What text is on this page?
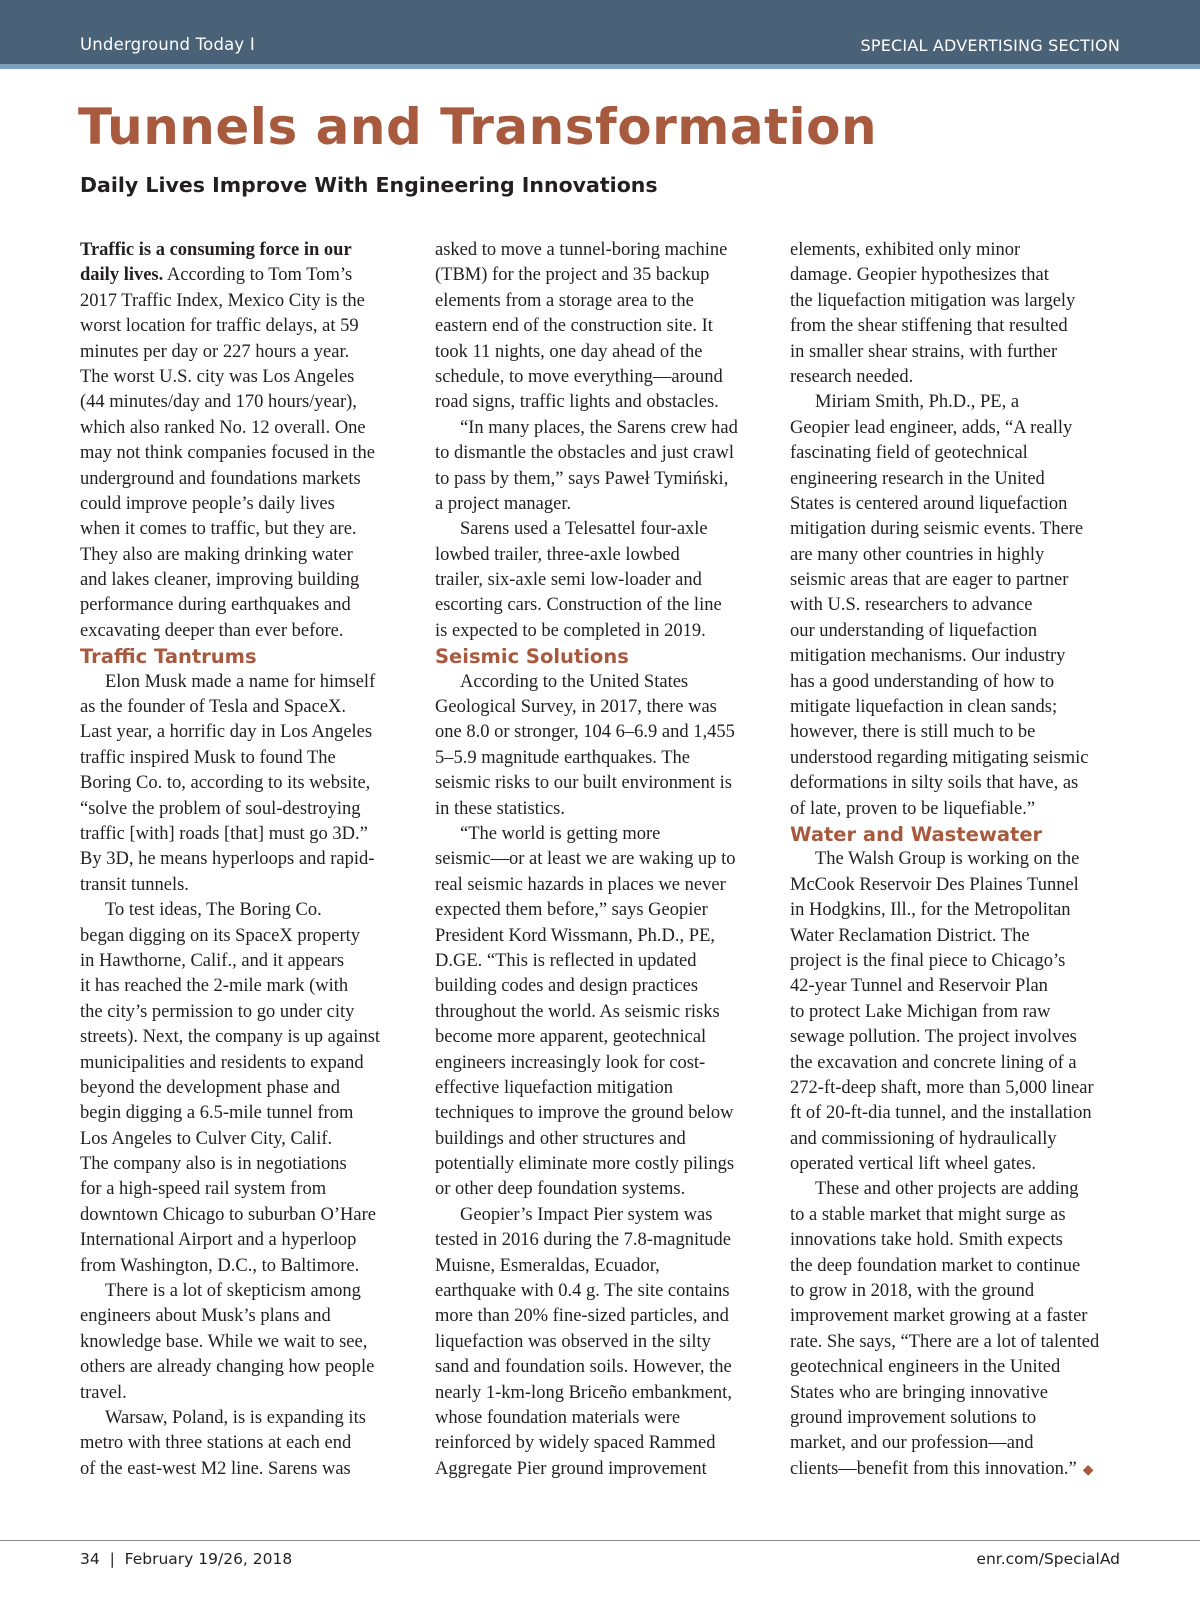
Underground Today I	SPECIAL ADVERTISING SECTION
Tunnels and Transformation
Daily Lives Improve With Engineering Innovations

Traffic is a consuming force in our
daily lives. According to Tom Tom’s
2017 Traffic Index, Mexico City is the
worst location for traffic delays, at 59
minutes per day or 227 hours a year.
The worst U.S. city was Los Angeles
(44 minutes/day and 170 hours/year),
which also ranked No. 12 overall. One
may not think companies focused in the
underground and foundations markets
could improve people’s daily lives
when it comes to traffic, but they are.
They also are making drinking water
and lakes cleaner, improving building
performance during earthquakes and
excavating deeper than ever before.

Traffic Tantrums

Elon Musk made a name for himself
as the founder of Tesla and SpaceX.
Last year, a horrific day in Los Angeles
traffic inspired Musk to found The
Boring Co. to, according to its website,
“solve the problem of soul-destroying
traffic [with] roads [that] must go 3D.”
By 3D, he means hyperloops and rapid-
transit tunnels.

To test ideas, The Boring Co.
began digging on its SpaceX property
in Hawthorne, Calif., and it appears
it has reached the 2-mile mark (with
the city’s permission to go under city
streets). Next, the company is up against
municipalities and residents to expand
beyond the development phase and
begin digging a 6.5-mile tunnel from
Los Angeles to Culver City, Calif.
The company also is in negotiations
for a high-speed rail system from
downtown Chicago to suburban O’Hare
International Airport and a hyperloop
from Washington, D.C., to Baltimore.

There is a lot of skepticism among
engineers about Musk’s plans and
knowledge base. While we wait to see,
others are already changing how people
travel.

Warsaw, Poland, is is expanding its
metro with three stations at each end
of the east-west M2 line. Sarens was

asked to move a tunnel-boring machine
(TBM) for the project and 35 backup
elements from a storage area to the
eastern end of the construction site. It
took 11 nights, one day ahead of the
schedule, to move everything—around
road signs, traffic lights and obstacles.

“In many places, the Sarens crew had
to dismantle the obstacles and just crawl
to pass by them,” says Paweł Tymiński,
a project manager.

Sarens used a Telesattel four-axle
lowbed trailer, three-axle lowbed
trailer, six-axle semi low-loader and
escorting cars. Construction of the line
is expected to be completed in 2019.

Seismic Solutions

According to the United States
Geological Survey, in 2017, there was
one 8.0 or stronger, 104 6–6.9 and 1,455
5–5.9 magnitude earthquakes. The
seismic risks to our built environment is
in these statistics.

“The world is getting more
seismic—or at least we are waking up to
real seismic hazards in places we never
expected them before,” says Geopier
President Kord Wissmann, Ph.D., PE,
D.GE. “This is reflected in updated
building codes and design practices
throughout the world. As seismic risks
become more apparent, geotechnical
engineers increasingly look for cost-
effective liquefaction mitigation
techniques to improve the ground below
buildings and other structures and
potentially eliminate more costly pilings
or other deep foundation systems.

Geopier’s Impact Pier system was
tested in 2016 during the 7.8-magnitude
Muisne, Esmeraldas, Ecuador,
earthquake with 0.4 g. The site contains
more than 20% fine-sized particles, and
liquefaction was observed in the silty
sand and foundation soils. However, the
nearly 1-km-long Briceño embankment,
whose foundation materials were
reinforced by widely spaced Rammed
Aggregate Pier ground improvement

elements, exhibited only minor
damage. Geopier hypothesizes that
the liquefaction mitigation was largely
from the shear stiffening that resulted
in smaller shear strains, with further
research needed.

Miriam Smith, Ph.D., PE, a
Geopier lead engineer, adds, “A really
fascinating field of geotechnical
engineering research in the United
States is centered around liquefaction
mitigation during seismic events. There
are many other countries in highly
seismic areas that are eager to partner
with U.S. researchers to advance
our understanding of liquefaction
mitigation mechanisms. Our industry
has a good understanding of how to
mitigate liquefaction in clean sands;
however, there is still much to be
understood regarding mitigating seismic
deformations in silty soils that have, as
of late, proven to be liquefiable.”

Water and Wastewater

The Walsh Group is working on the
McCook Reservoir Des Plaines Tunnel
in Hodgkins, Ill., for the Metropolitan
Water Reclamation District. The
project is the final piece to Chicago’s
42-year Tunnel and Reservoir Plan
to protect Lake Michigan from raw
sewage pollution. The project involves
the excavation and concrete lining of a
272-ft-deep shaft, more than 5,000 linear
ft of 20-ft-dia tunnel, and the installation
and commissioning of hydraulically
operated vertical lift wheel gates.

These and other projects are adding
to a stable market that might surge as
innovations take hold. Smith expects
the deep foundation market to continue
to grow in 2018, with the ground
improvement market growing at a faster
rate. She says, “There are a lot of talented
geotechnical engineers in the United
States who are bringing innovative
ground improvement solutions to
market, and our profession—and
clients—benefit from this innovation.” ◆

34  |  February 19/26, 2018	enr.com/SpecialAd
